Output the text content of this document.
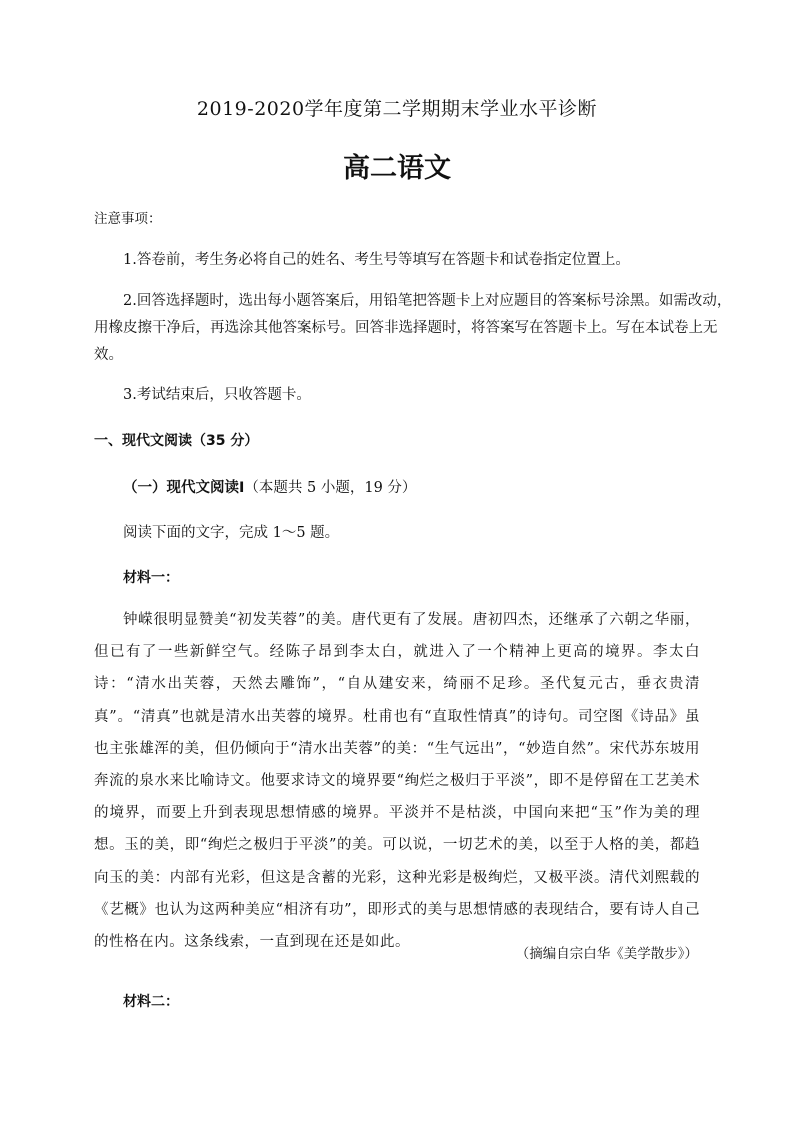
2019-2020学年度第二学期期末学业水平诊断
高二语文
注意事项：
1.答卷前，考生务必将自己的姓名、考生号等填写在答题卡和试卷指定位置上。
2.回答选择题时，选出每小题答案后，用铅笔把答题卡上对应题目的答案标号涂黑。如需改动，
用橡皮擦干净后，再选涂其他答案标号。回答非选择题时，将答案写在答题卡上。写在本试卷上无
效。
3.考试结束后，只收答题卡。
一、现代文阅读（35 分）
（一）现代文阅读Ⅰ（本题共 5 小题，19 分）
阅读下面的文字，完成 1～5 题。
材料一：
钟嵘很明显赞美“初发芙蓉”的美。唐代更有了发展。唐初四杰，还继承了六朝之华丽，但已有了一些新鲜空气。经陈子昂到李太白，就进入了一个精神上更高的境界。李太白诗：“清水出芙蓉，天然去雕饰”，“自从建安来，绮丽不足珍。圣代复元古，垂衣贵清真”。“清真”也就是清水出芙蓉的境界。杜甫也有“直取性情真”的诗句。司空图《诗品》虽也主张雄浑的美，但仍倾向于“清水出芙蓉”的美：“生气远出”，“妙造自然”。宋代苏东坡用奔流的泉水来比喻诗文。他要求诗文的境界要“绚烂之极归于平淡”，即不是停留在工艺美术的境界，而要上升到表现思想情感的境界。平淡并不是枯淡，中国向来把“玉”作为美的理想。玉的美，即“绚烂之极归于平淡”的美。可以说，一切艺术的美，以至于人格的美，都趋向玉的美：内部有光彩，但这是含蓄的光彩，这种光彩是极绚烂，又极平淡。清代刘熙载的《艺概》也认为这两种美应“相济有功”，即形式的美与思想情感的表现结合，要有诗人自己的性格在内。这条线索，一直到现在还是如此。
（摘编自宗白华《美学散步》）
材料二：
